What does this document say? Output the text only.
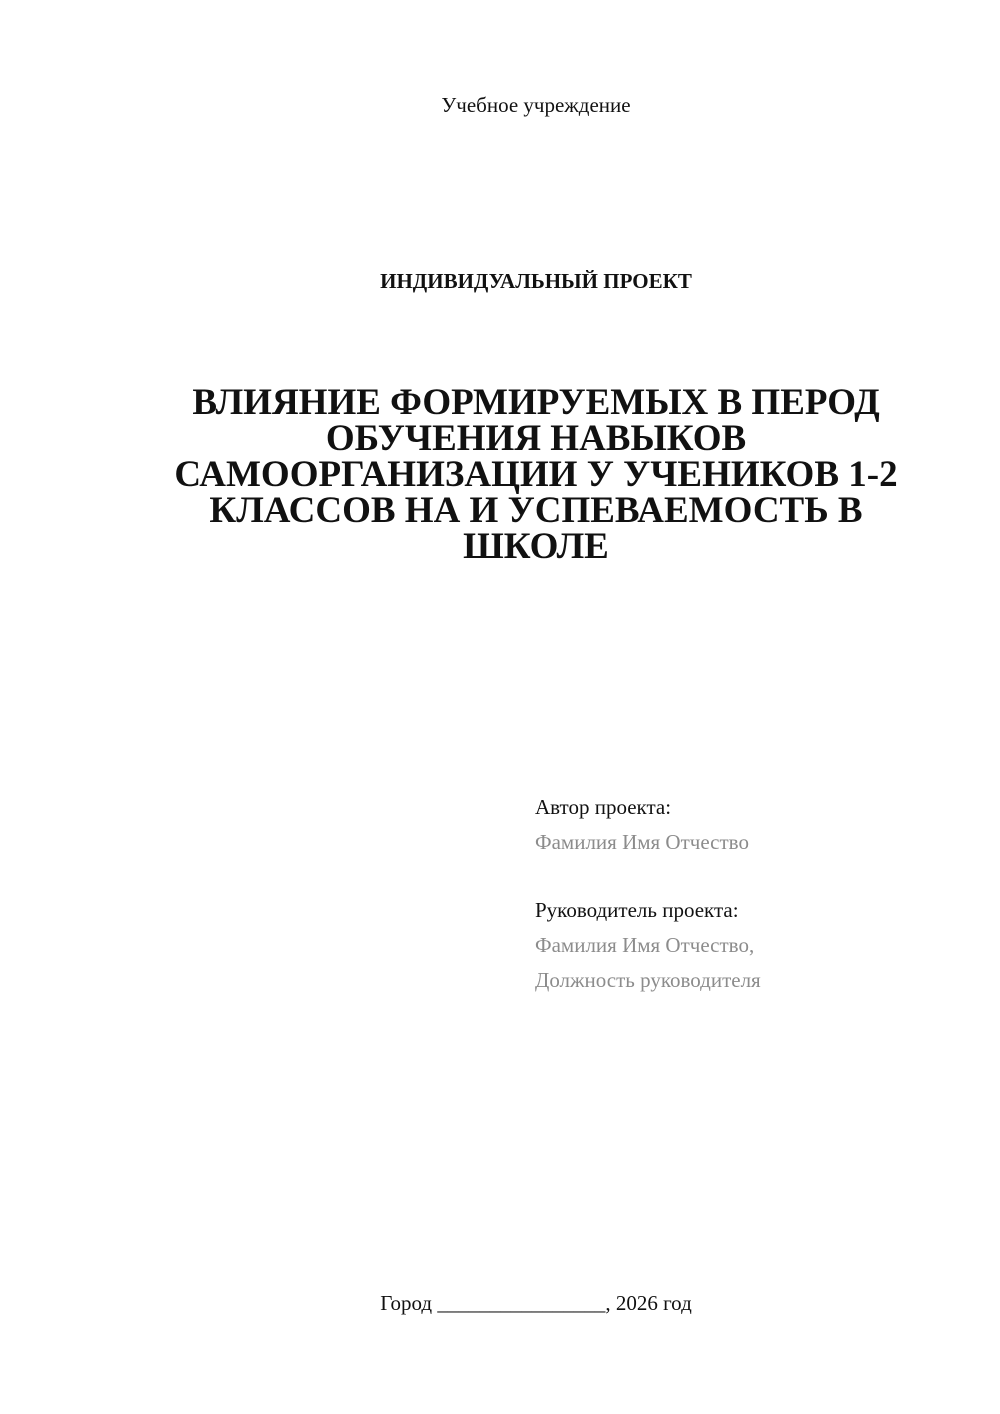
Учебное учреждение
ИНДИВИДУАЛЬНЫЙ ПРОЕКТ
ВЛИЯНИЕ ФОРМИРУЕМЫХ В ПЕРОД
ОБУЧЕНИЯ НАВЫКОВ
САМООРГАНИЗАЦИИ У УЧЕНИКОВ 1-2
КЛАССОВ НА И УСПЕВАЕМОСТЬ В
ШКОЛЕ
Автор проекта:
Фамилия Имя Отчество
Руководитель проекта:
Фамилия Имя Отчество,
Должность руководителя
Город ________________, 2026 год
